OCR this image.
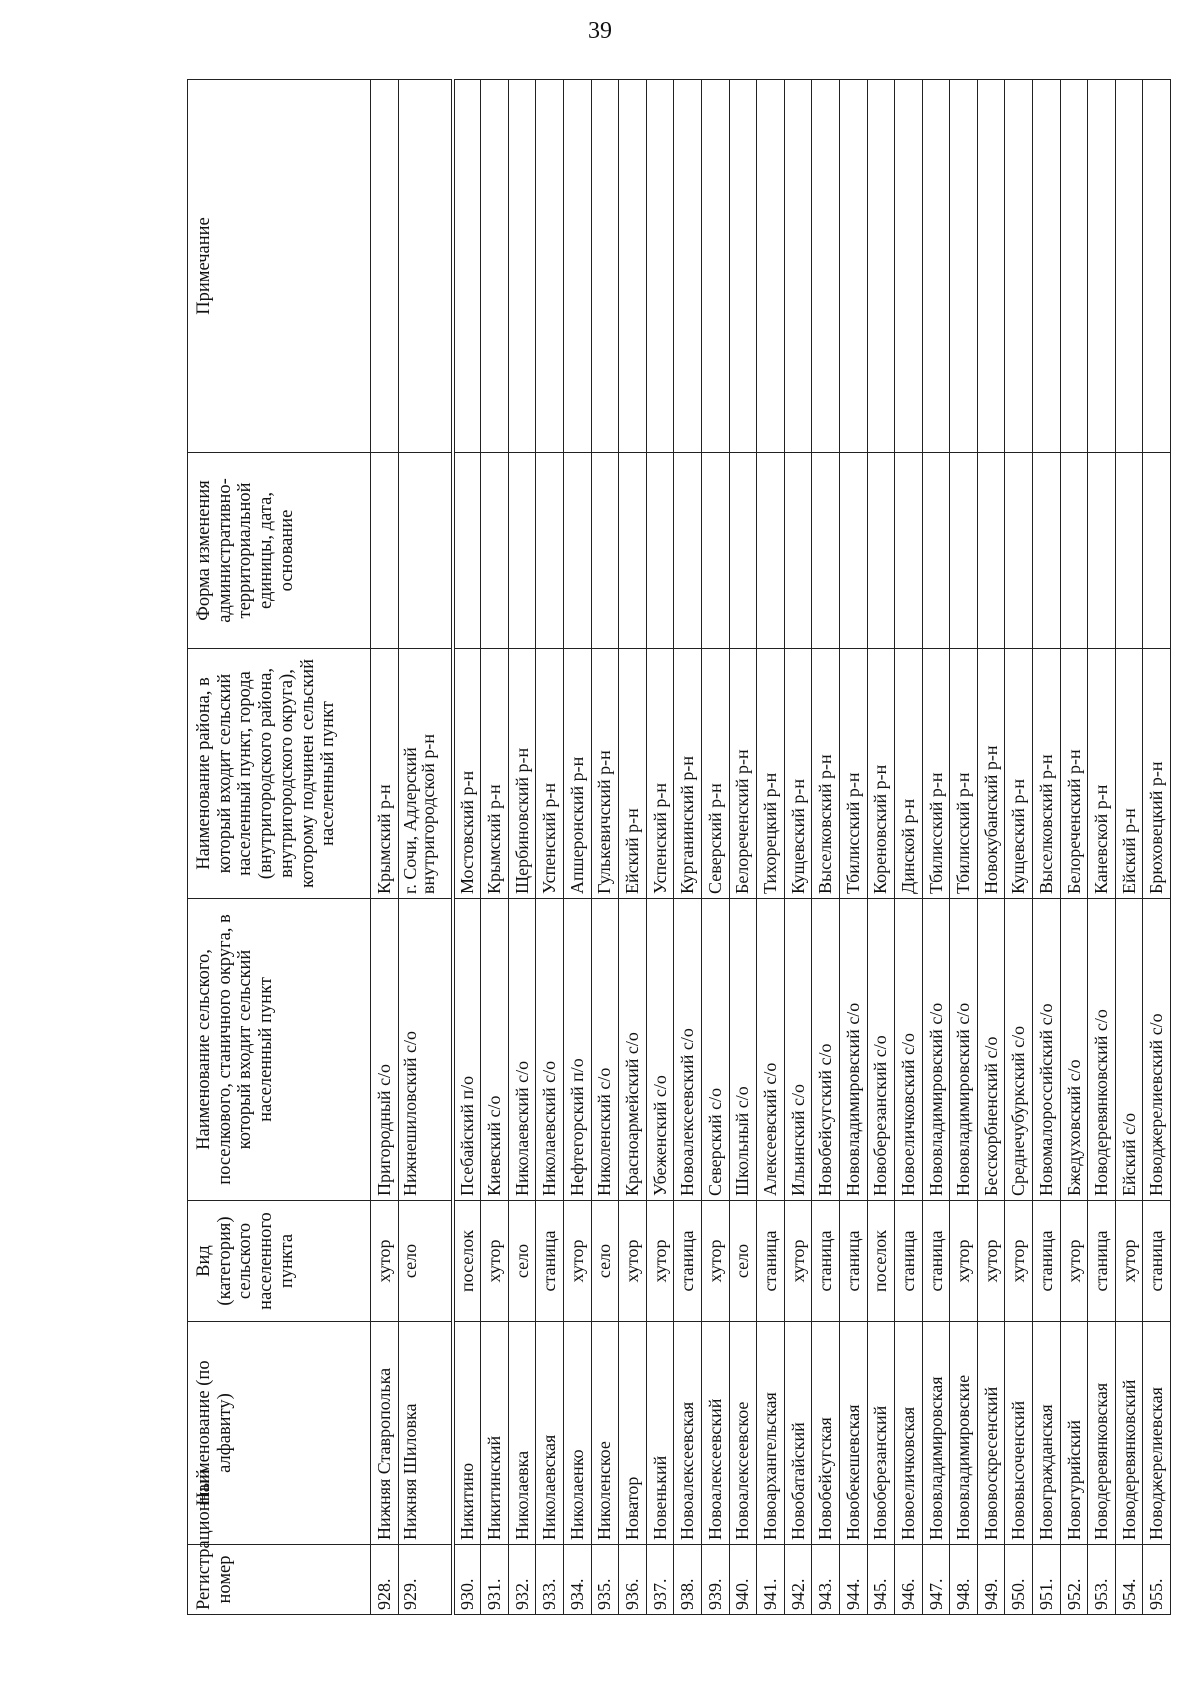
39
Регистрационный номер	Наименование (по алфавиту)	Вид (категория) сельского населенного пункта	Наименование сельского, поселкового, станичного округа, в который входит сельский населенный пункт	Наименование района, в который входит сельский населенный пункт, города (внутригородского района, внутригородского округа), которому подчинен сельский населенный пункт	Форма изменения административно-территориальной единицы, дата, основание	Примечание
928.	Нижняя Ставрополька	хутор	Пригородный с/о	Крымский р-н		
929.	Нижняя Шиловка	село	Нижнешиловский с/о	г. Сочи, Адлерский внутригородской р-н		
930.	Никитино	поселок	Псебайский п/о	Мостовский р-н		
931.	Никитинский	хутор	Киевский с/о	Крымский р-н		
932.	Николаевка	село	Николаевский с/о	Щербиновский р-н		
933.	Николаевская	станица	Николаевский с/о	Успенский р-н		
934.	Николаенко	хутор	Нефтегорский п/о	Апшеронский р-н		
935.	Николенское	село	Николенский с/о	Гулькевичский р-н		
936.	Новатор	хутор	Красноармейский с/о	Ейский р-н		
937.	Новенький	хутор	Убеженский с/о	Успенский р-н		
938.	Новоалексеевская	станица	Новоалексеевский с/о	Курганинский р-н		
939.	Новоалексеевский	хутор	Северский с/о	Северский р-н		
940.	Новоалексеевское	село	Школьный с/о	Белореченский р-н		
941.	Новоархангельская	станица	Алексеевский с/о	Тихорецкий р-н		
942.	Новобатайский	хутор	Ильинский с/о	Кущевский р-н		
943.	Новобейсугская	станица	Новобейсугский с/о	Выселковский р-н		
944.	Новобекешевская	станица	Нововладимировский с/о	Тбилисский р-н		
945.	Новоберезанский	поселок	Новоберезанский с/о	Кореновский р-н		
946.	Новоеличковская	станица	Новоеличковский с/о	Динской р-н		
947.	Нововладимировская	станица	Нововладимировский с/о	Тбилисский р-н		
948.	Нововладимировские	хутор	Нововладимировский с/о	Тбилисский р-н		
949.	Нововоскресенский	хутор	Бесскорбненский с/о	Новокубанский р-н		
950.	Нововысоченский	хутор	Среднечубуркский с/о	Кущевский р-н		
951.	Новогражданская	станица	Новомалороссийский с/о	Выселковский р-н		
952.	Новогурийский	хутор	Бжедуховский с/о	Белореченский р-н		
953.	Новодеревянковская	станица	Новодеревянковский с/о	Каневской р-н		
954.	Новодеревянковский	хутор	Ейский с/о	Ейский р-н		
955.	Новоджерелиевская	станица	Новоджерелиевский с/о	Брюховецкий р-н		
